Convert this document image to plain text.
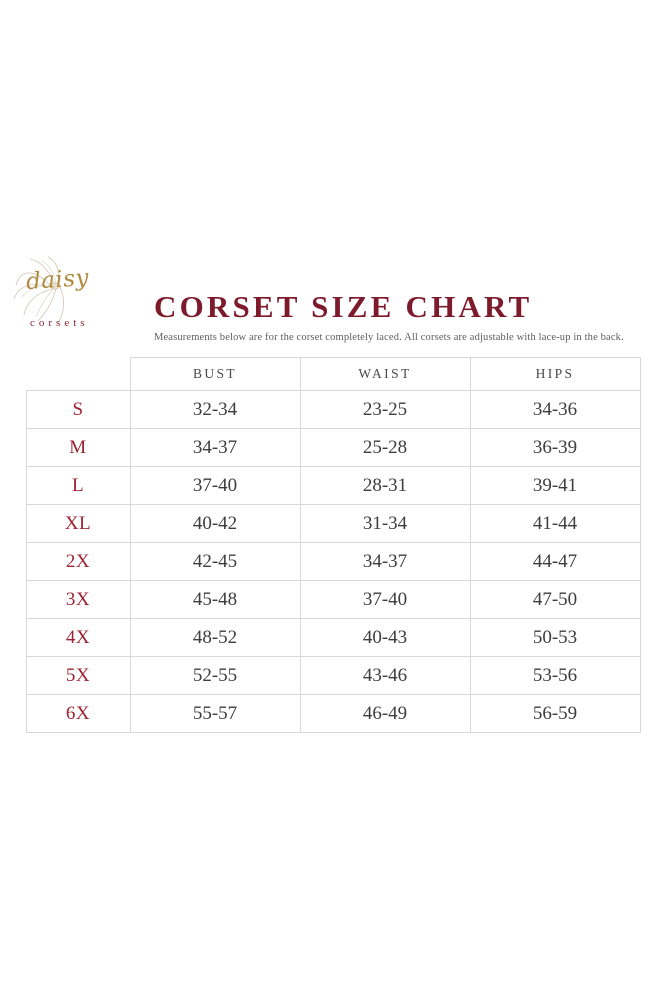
daisy
corsets CORSET SIZE CHART

Measurements below are for the corset completely laced. All corsets are adjustable with lace-up in the back.

	BUST	WAIST	HIPS
S	32-34	23-25	34-36
M	34-37	25-28	36-39
L	37-40	28-31	39-41
XL	40-42	31-34	41-44
2X	42-45	34-37	44-47
3X	45-48	37-40	47-50
4X	48-52	40-43	50-53
5X	52-55	43-46	53-56
6X	55-57	46-49	56-59
